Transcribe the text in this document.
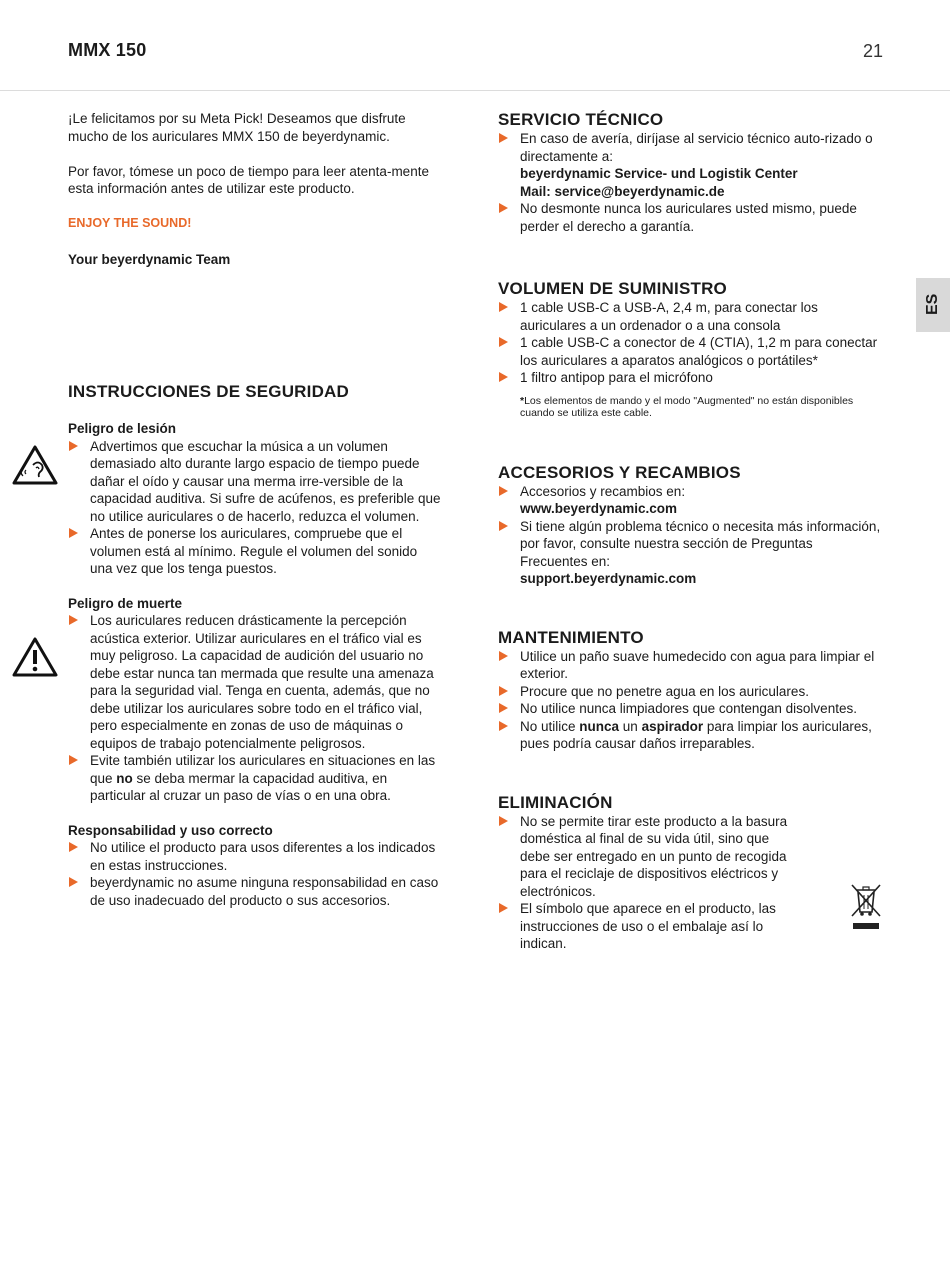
MMX 150	21
ES

¡Le felicitamos por su Meta Pick! Deseamos que disfrute mucho de los auriculares MMX 150 de beyerdynamic.

Por favor, tómese un poco de tiempo para leer atenta-mente esta información antes de utilizar este producto.

ENJOY THE SOUND!

Your beyerdynamic Team

INSTRUCCIONES DE SEGURIDAD
Peligro de lesión
Advertimos que escuchar la música a un volumen demasiado alto durante largo espacio de tiempo puede dañar el oído y causar una merma irre-versible de la capacidad auditiva. Si sufre de acúfenos, es preferible que no utilice auriculares o de hacerlo, reduzca el volumen.
Antes de ponerse los auriculares, compruebe que el volumen está al mínimo. Regule el volumen del sonido una vez que los tenga puestos.
Peligro de muerte
Los auriculares reducen drásticamente la percepción acústica exterior. Utilizar auriculares en el tráfico vial es muy peligroso. La capacidad de audición del usuario no debe estar nunca tan mermada que resulte una amenaza para la seguridad vial. Tenga en cuenta, además, que no debe utilizar los auriculares sobre todo en el tráfico vial, pero especialmente en zonas de uso de máquinas o equipos de trabajo potencialmente peligrosos.
Evite también utilizar los auriculares en situaciones en las que no se deba mermar la capacidad auditiva, en particular al cruzar un paso de vías o en una obra.
Responsabilidad y uso correcto
No utilice el producto para usos diferentes a los indicados en estas instrucciones.
beyerdynamic no asume ninguna responsabilidad en caso de uso inadecuado del producto o sus accesorios.
SERVICIO TÉCNICO
En caso de avería, diríjase al servicio técnico auto-rizado o directamente a:
beyerdynamic Service- und Logistik Center
Mail: service@beyerdynamic.de
No desmonte nunca los auriculares usted mismo, puede perder el derecho a garantía.
VOLUMEN DE SUMINISTRO
1 cable USB-C a USB-A, 2,4 m, para conectar los auriculares a un ordenador o a una consola
1 cable USB-C a conector de 4 (CTIA), 1,2 m para conectar los auriculares a aparatos analógicos o portátiles*
1 filtro antipop para el micrófono

*Los elementos de mando y el modo "Augmented" no están disponibles cuando se utiliza este cable.

ACCESORIOS Y RECAMBIOS
Accesorios y recambios en:
www.beyerdynamic.com
Si tiene algún problema técnico o necesita más información, por favor, consulte nuestra sección de Preguntas Frecuentes en:
support.beyerdynamic.com
MANTENIMIENTO
Utilice un paño suave humedecido con agua para limpiar el exterior.
Procure que no penetre agua en los auriculares.
No utilice nunca limpiadores que contengan disolventes.
No utilice nunca un aspirador para limpiar los auriculares, pues podría causar daños irreparables.
ELIMINACIÓN
No se permite tirar este producto a la basura doméstica al final de su vida útil, sino que debe ser entregado en un punto de recogida para el reciclaje de dispositivos eléctricos y electrónicos.
El símbolo que aparece en el producto, las instrucciones de uso o el embalaje así lo indican.
